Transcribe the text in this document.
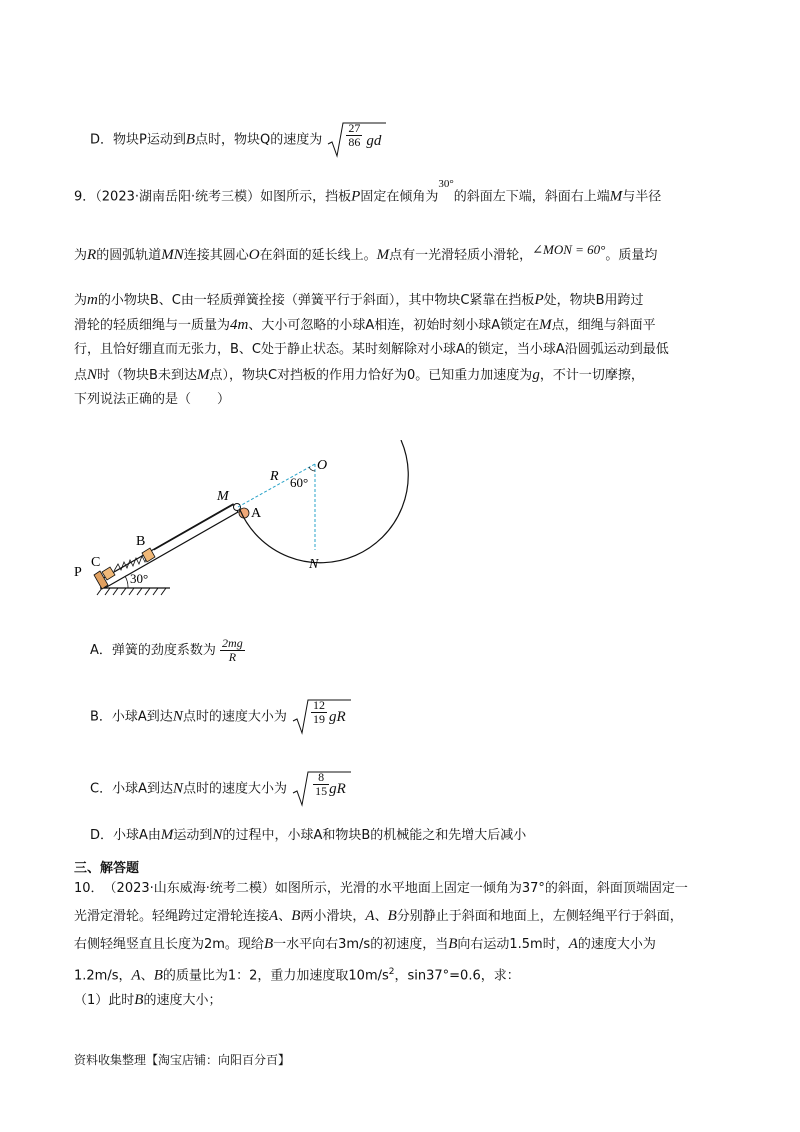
D．物块P运动到B点时，物块Q的速度为 $\frac{27}{86}$ gd
9．（2023·湖南岳阳·统考三模）如图所示，挡板P固定在倾角为$^{30^\circ}$的斜面左下端，斜面右上端M与半径
为R的圆弧轨道MN连接其圆心O在斜面的延长线上。M点有一光滑轻质小滑轮，∠MON = 60°。质量均
为m的小物块B、C由一轻质弹簧拴接（弹簧平行于斜面），其中物块C紧靠在挡板P处，物块B用跨过
滑轮的轻质细绳与一质量为4m、大小可忽略的小球A相连，初始时刻小球A锁定在M点，细绳与斜面平
行，且恰好绷直而无张力，B、C处于静止状态。某时刻解除对小球A的锁定，当小球A沿圆弧运动到最低
点N时（物块B未到达M点），物块C对挡板的作用力恰好为0。已知重力加速度为g，不计一切摩擦，
下列说法正确的是（　　）
O
R 60°
M
A
B
C
P
N
30°
A．弹簧的劲度系数为 $\frac{2mg}{R}$
B．小球A到达N点时的速度大小为 $\frac{12}{19}$ gR
C．小球A到达N点时的速度大小为 $\frac{8}{15}$ gR
D．小球A由M运动到N的过程中，小球A和物块B的机械能之和先增大后减小
三、解答题
10．　（2023·山东威海·统考二模）如图所示，光滑的水平地面上固定一倾角为37°的斜面，斜面顶端固定一
光滑定滑轮。轻绳跨过定滑轮连接A、B两小滑块，A、B分别静止于斜面和地面上，左侧轻绳平行于斜面，
右侧轻绳竖直且长度为2m。现给B一水平向右3m/s的初速度，当B向右运动1.5m时，A的速度大小为
1.2m/s，A、B的质量比为1：2，重力加速度取$10m/s^2$，sin37°=0.6，求：
（1）此时B的速度大小；
资料收集整理【淘宝店铺：向阳百分百】
